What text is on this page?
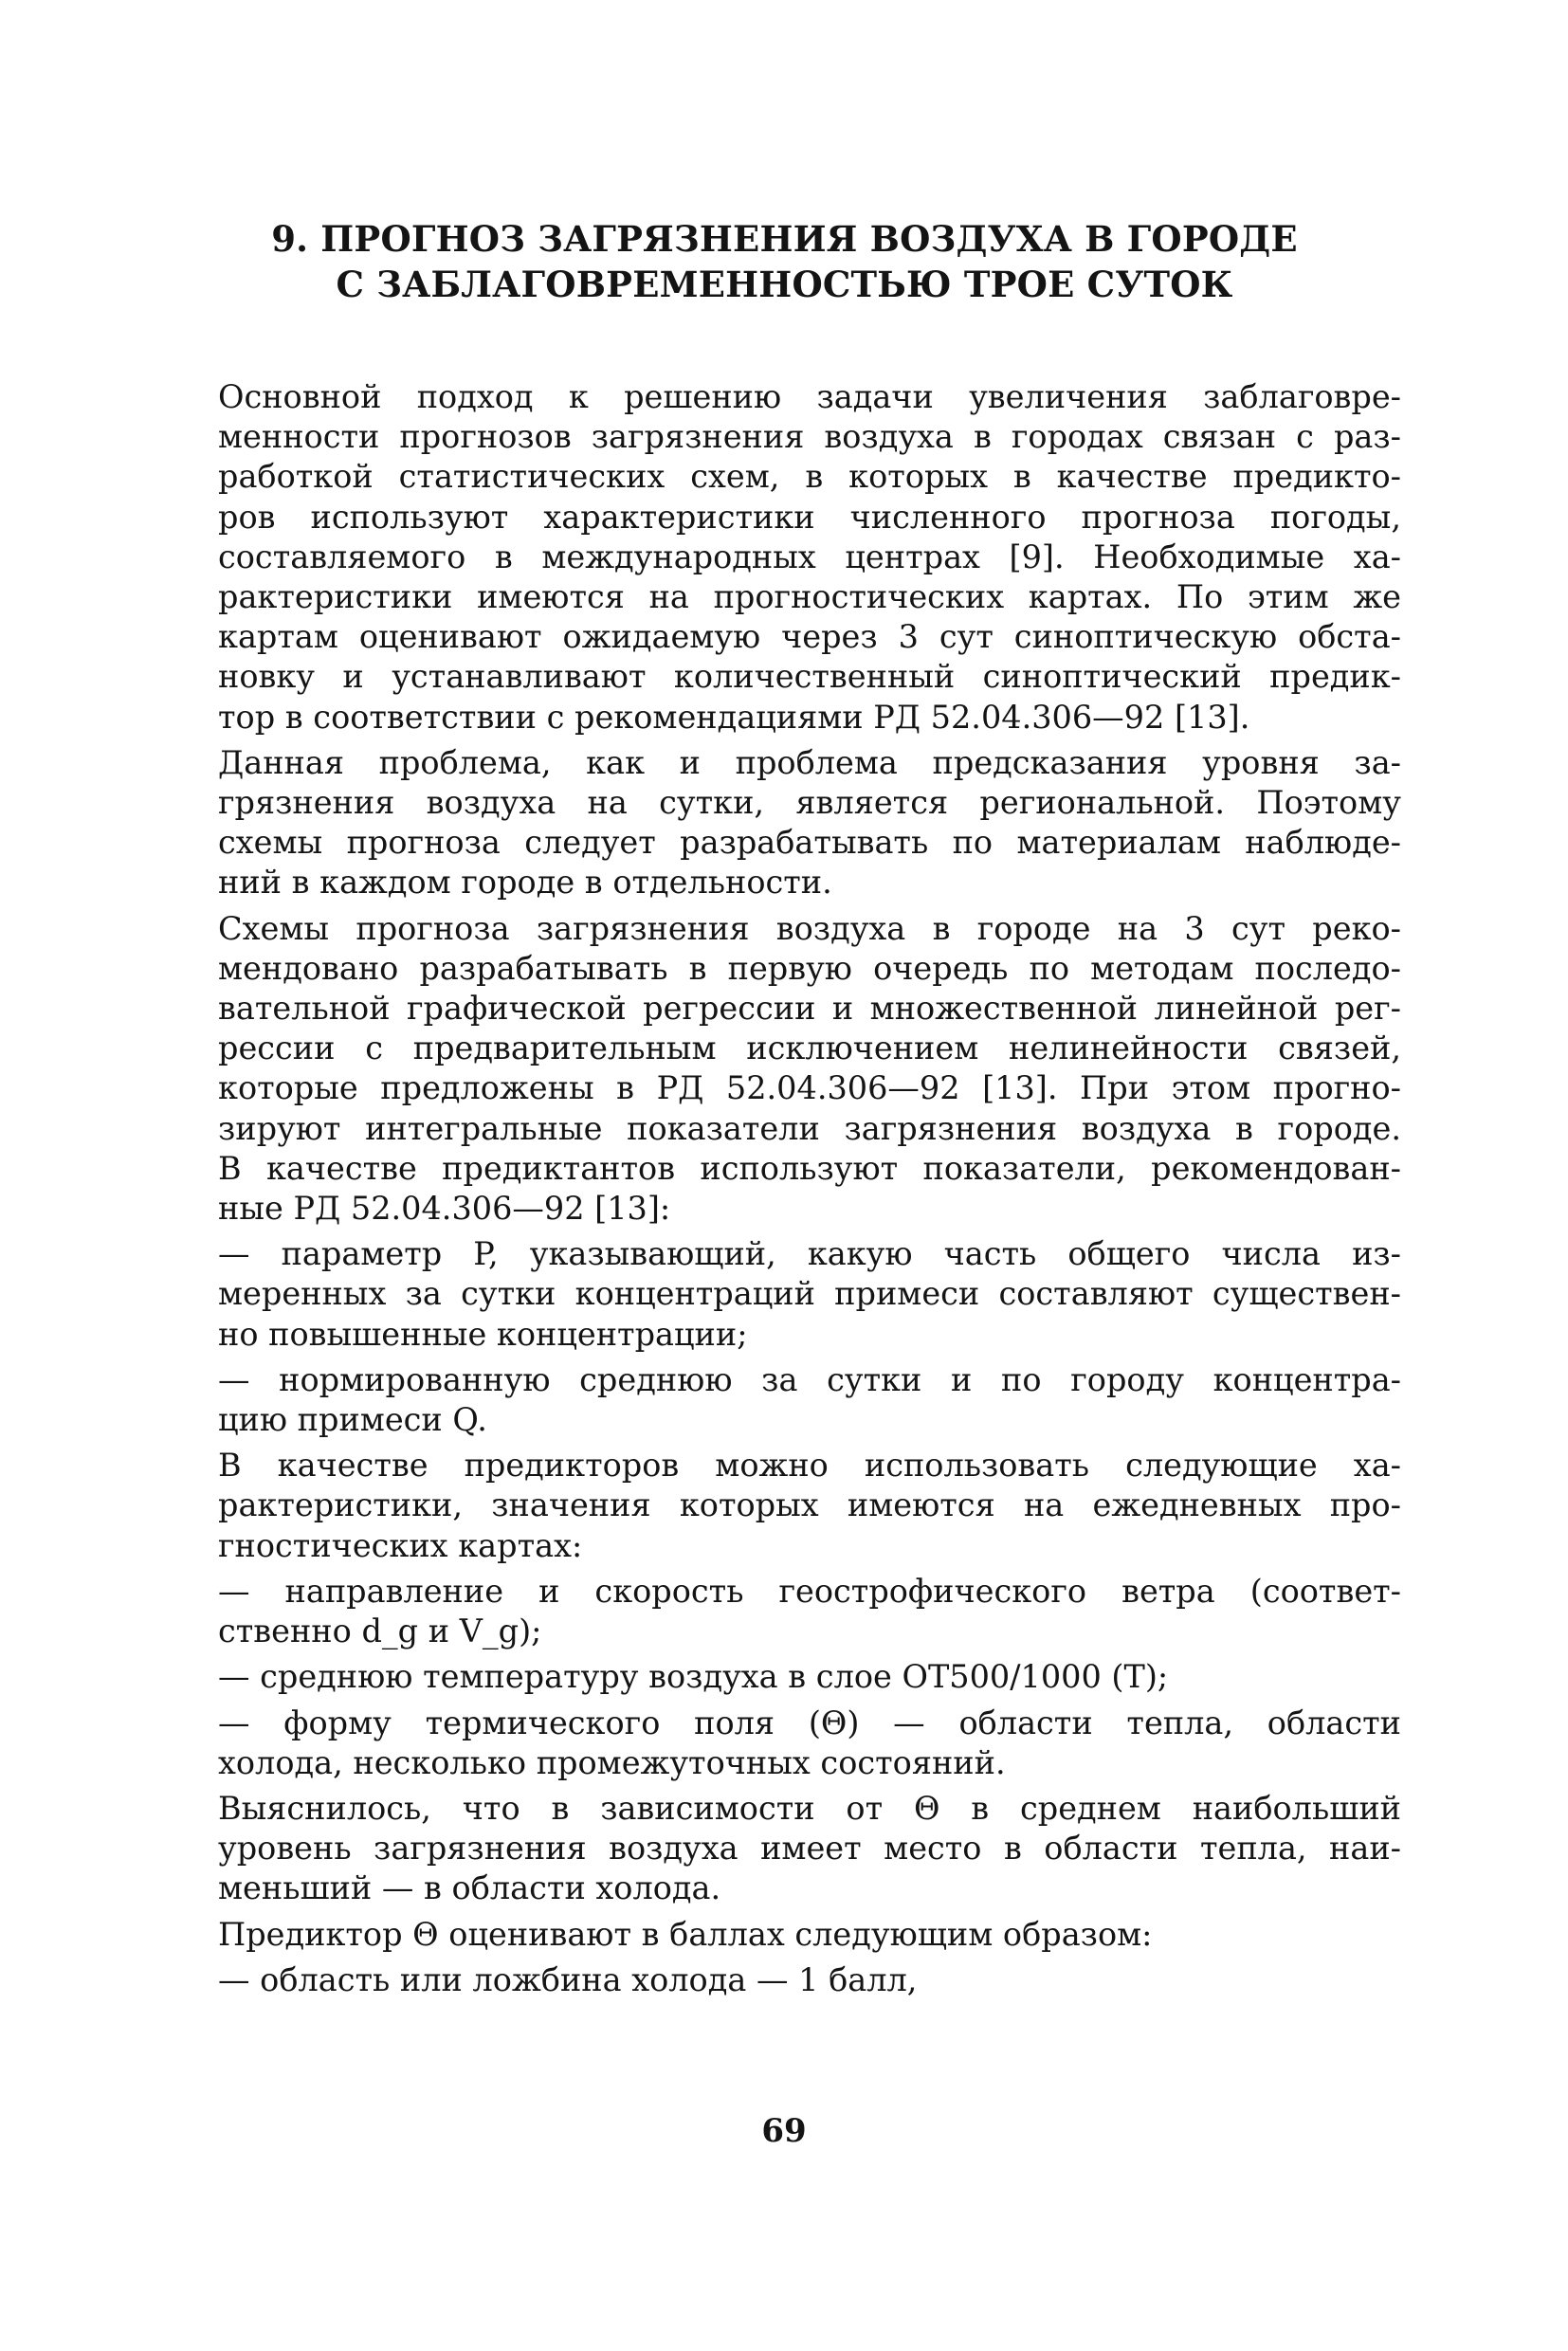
9. ПРОГНОЗ ЗАГРЯЗНЕНИЯ ВОЗДУХА В ГОРОДЕ
С ЗАБЛАГОВРЕМЕННОСТЬЮ ТРОЕ СУТОК
Основной подход к решению задачи увеличения заблаговре-
менности прогнозов загрязнения воздуха в городах связан с раз-
работкой статистических схем, в которых в качестве предикто-
ров используют характеристики численного прогноза погоды,
составляемого в международных центрах [9]. Необходимые ха-
рактеристики имеются на прогностических картах. По этим же
картам оценивают ожидаемую через 3 сут синоптическую обста-
новку и устанавливают количественный синоптический предик-
тор в соответствии с рекомендациями РД 52.04.306—92 [13].
Данная проблема, как и проблема предсказания уровня за-
грязнения воздуха на сутки, является региональной. Поэтому
схемы прогноза следует разрабатывать по материалам наблюде-
ний в каждом городе в отдельности.
Схемы прогноза загрязнения воздуха в городе на 3 сут реко-
мендовано разрабатывать в первую очередь по методам последо-
вательной графической регрессии и множественной линейной рег-
рессии с предварительным исключением нелинейности связей,
которые предложены в РД 52.04.306—92 [13]. При этом прогно-
зируют интегральные показатели загрязнения воздуха в городе.
В качестве предиктантов используют показатели, рекомендован-
ные РД 52.04.306—92 [13]:
— параметр P, указывающий, какую часть общего числа из-
меренных за сутки концентраций примеси составляют существен-
но повышенные концентрации;
— нормированную среднюю за сутки и по городу концентра-
цию примеси Q.
В качестве предикторов можно использовать следующие ха-
рактеристики, значения которых имеются на ежедневных про-
гностических картах:
— направление и скорость геострофического ветра (соответ-
ственно d_g и V_g);
— среднюю температуру воздуха в слое ОТ500/1000 (T);
— форму термического поля (Θ) — области тепла, области
холода, несколько промежуточных состояний.
Выяснилось, что в зависимости от Θ в среднем наибольший
уровень загрязнения воздуха имеет место в области тепла, наи-
меньший — в области холода.
Предиктор Θ оценивают в баллах следующим образом:
— область или ложбина холода — 1 балл,
69
